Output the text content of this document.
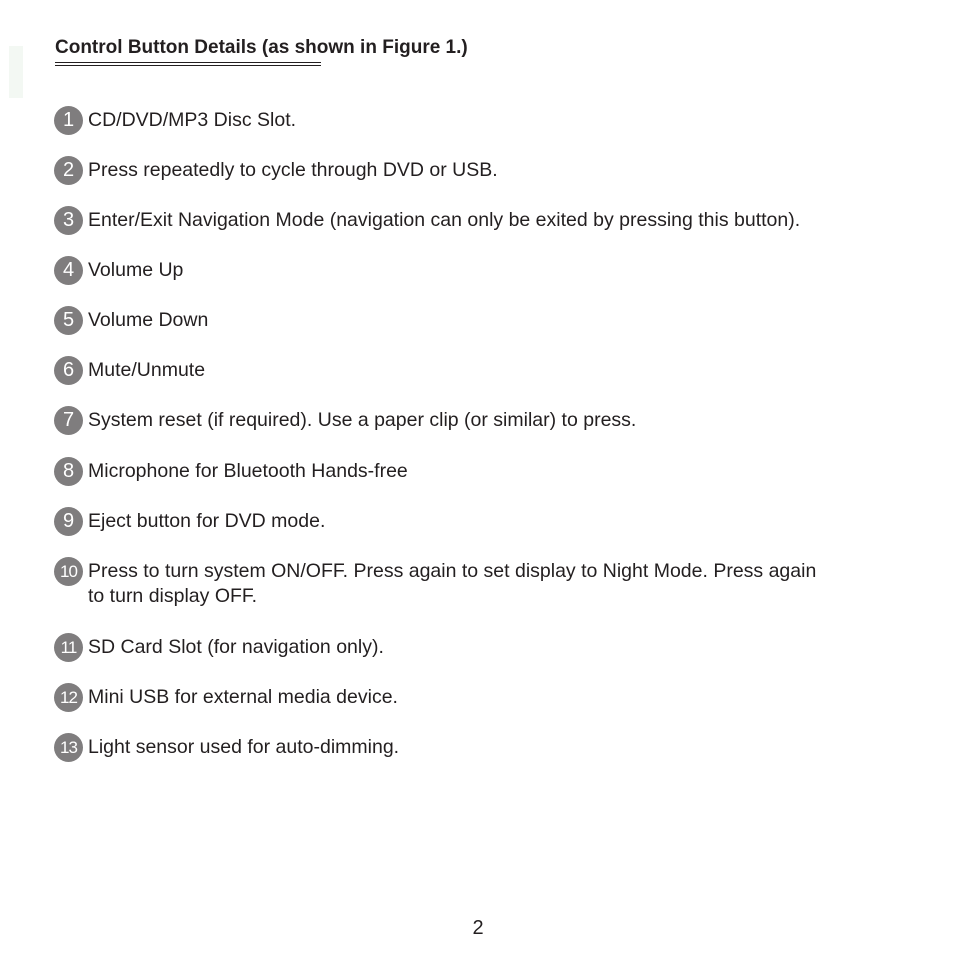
Control Button Details (as shown in Figure 1.)
1 CD/DVD/MP3 Disc Slot.
2 Press repeatedly to cycle through DVD or USB.
3 Enter/Exit Navigation Mode (navigation can only be exited by pressing this button).
4 Volume Up
5 Volume Down
6 Mute/Unmute
7 System reset (if required). Use a paper clip (or similar) to press.
8 Microphone for Bluetooth Hands-free
9 Eject button for DVD mode.
10 Press to turn system ON/OFF. Press again to set display to Night Mode. Press again to turn display OFF.
11 SD Card Slot (for navigation only).
12 Mini USB for external media device.
13 Light sensor used for auto-dimming.
2
